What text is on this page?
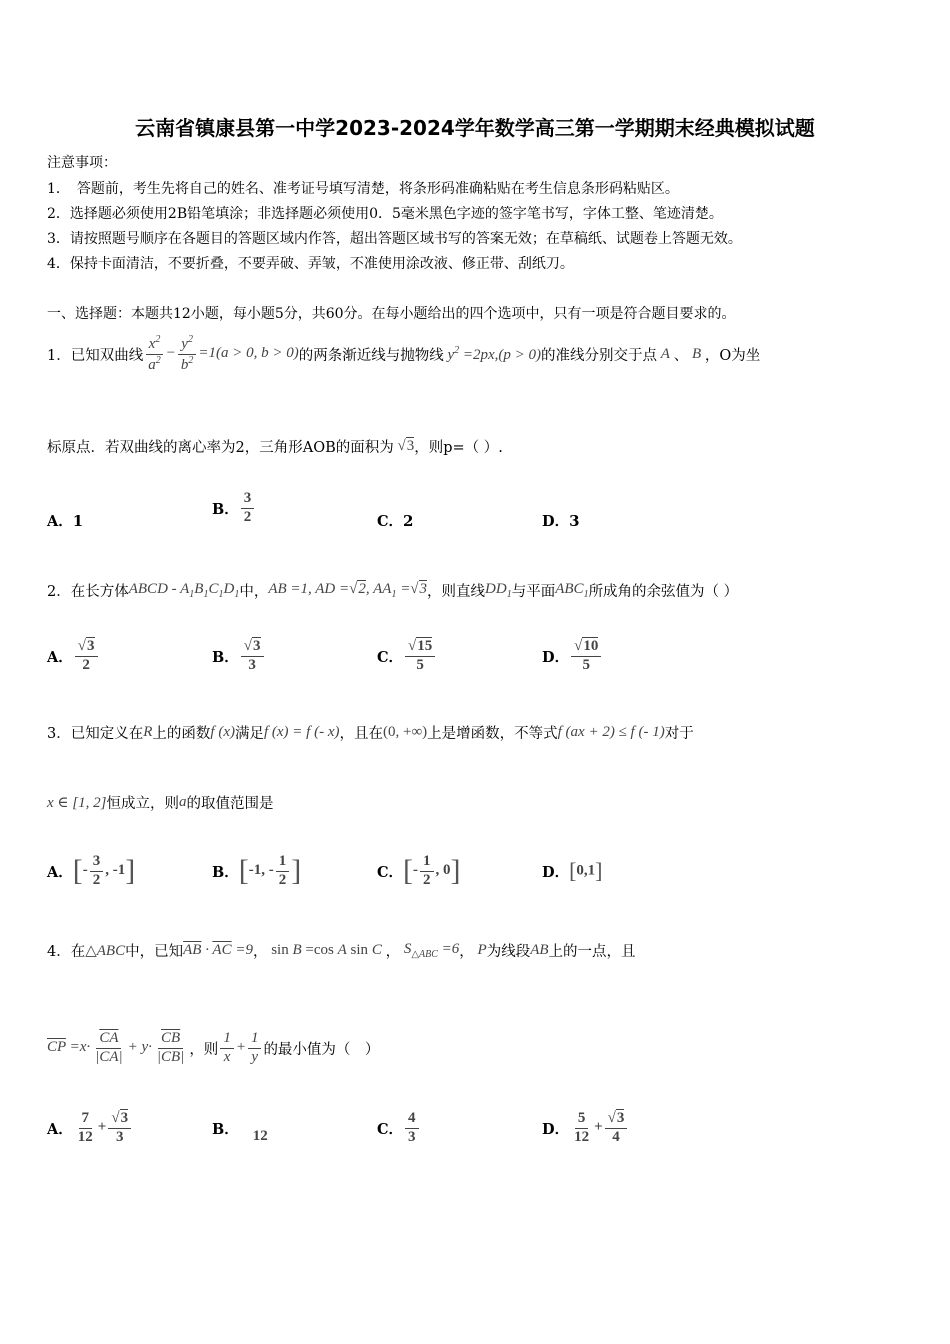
云南省镇康县第一中学2023-2024学年数学高三第一学期期末经典模拟试题
注意事项：
1．　答题前，考生先将自己的姓名、准考证号填写清楚，将条形码准确粘贴在考生信息条形码粘贴区。
2．选择题必须使用2B铅笔填涂；非选择题必须使用0．5毫米黑色字迹的签字笔书写，字体工整、笔迹清楚。
3．请按照题号顺序在各题目的答题区域内作答，超出答题区域书写的答案无效；在草稿纸、试题卷上答题无效。
4．保持卡面清洁，不要折叠，不要弄破、弄皱，不准使用涂改液、修正带、刮纸刀。
一、选择题：本题共12小题，每小题5分，共60分。在每小题给出的四个选项中，只有一项是符合题目要求的。
1．已知双曲线 $\frac{x^2}{a^2} - \frac{y^2}{b^2} =1(a > 0$, b > 0) 的两条渐近线与抛物线 $y^2 =2px,(p > 0)$ 的准线分别交于点 A 、 B ，O为坐
标原点．若双曲线的离心率为2，三角形AOB的面积为 √3 ，则p=（ ）.
A．1
B． $\frac{3}{2}$	C．2	D．3
2．在长方体 ABCD - $A_1B_1C_1D_1$ 中， AB =1, AD =√2, $AA_1 =√3$ ，则直线 $DD_1$ 与平面 $ABC_1$ 所成角的余弦值为（ ）
A． $\frac{√3}{2}$	B． $\frac{√3}{3}$	C． $\frac{√15}{5}$	D． $\frac{√10}{5}$
3．已知定义在 R 上的函数 f (x) 满足 f (x) = f (- x) ，且在 (0, +∞) 上是增函数，不等式 f (ax + 2) ≤ f (- 1) 对于
x ∈ [1, 2] 恒成立，则 a 的取值范围是
A． [- $\frac{3}{2}$ , -1]	B． [-1, - $\frac{1}{2}$ ]	C． [- $\frac{1}{2}$ , 0]	D． [0,1]
4．在 △ABC 中，已知 $\overline{AB} \cdot \overline{AC} =9$ ， sin B =cos A sin C ， $S_{\triangle ABC} =6$ ， P 为线段 AB 上的一点，且
$\overline{CP} =x\cdot \frac{\overline{CA}}{|\overline{CA}|} + y\cdot \frac{\overline{CB}}{|\overline{CB}|}$ ，则 $\frac{1}{x} + \frac{1}{y}$ 的最小值为（　）
A． $\frac{7}{12} + \frac{√3}{3}$	B． 12	C． $\frac{4}{3}$	D． $\frac{5}{12} + \frac{√3}{4}$
